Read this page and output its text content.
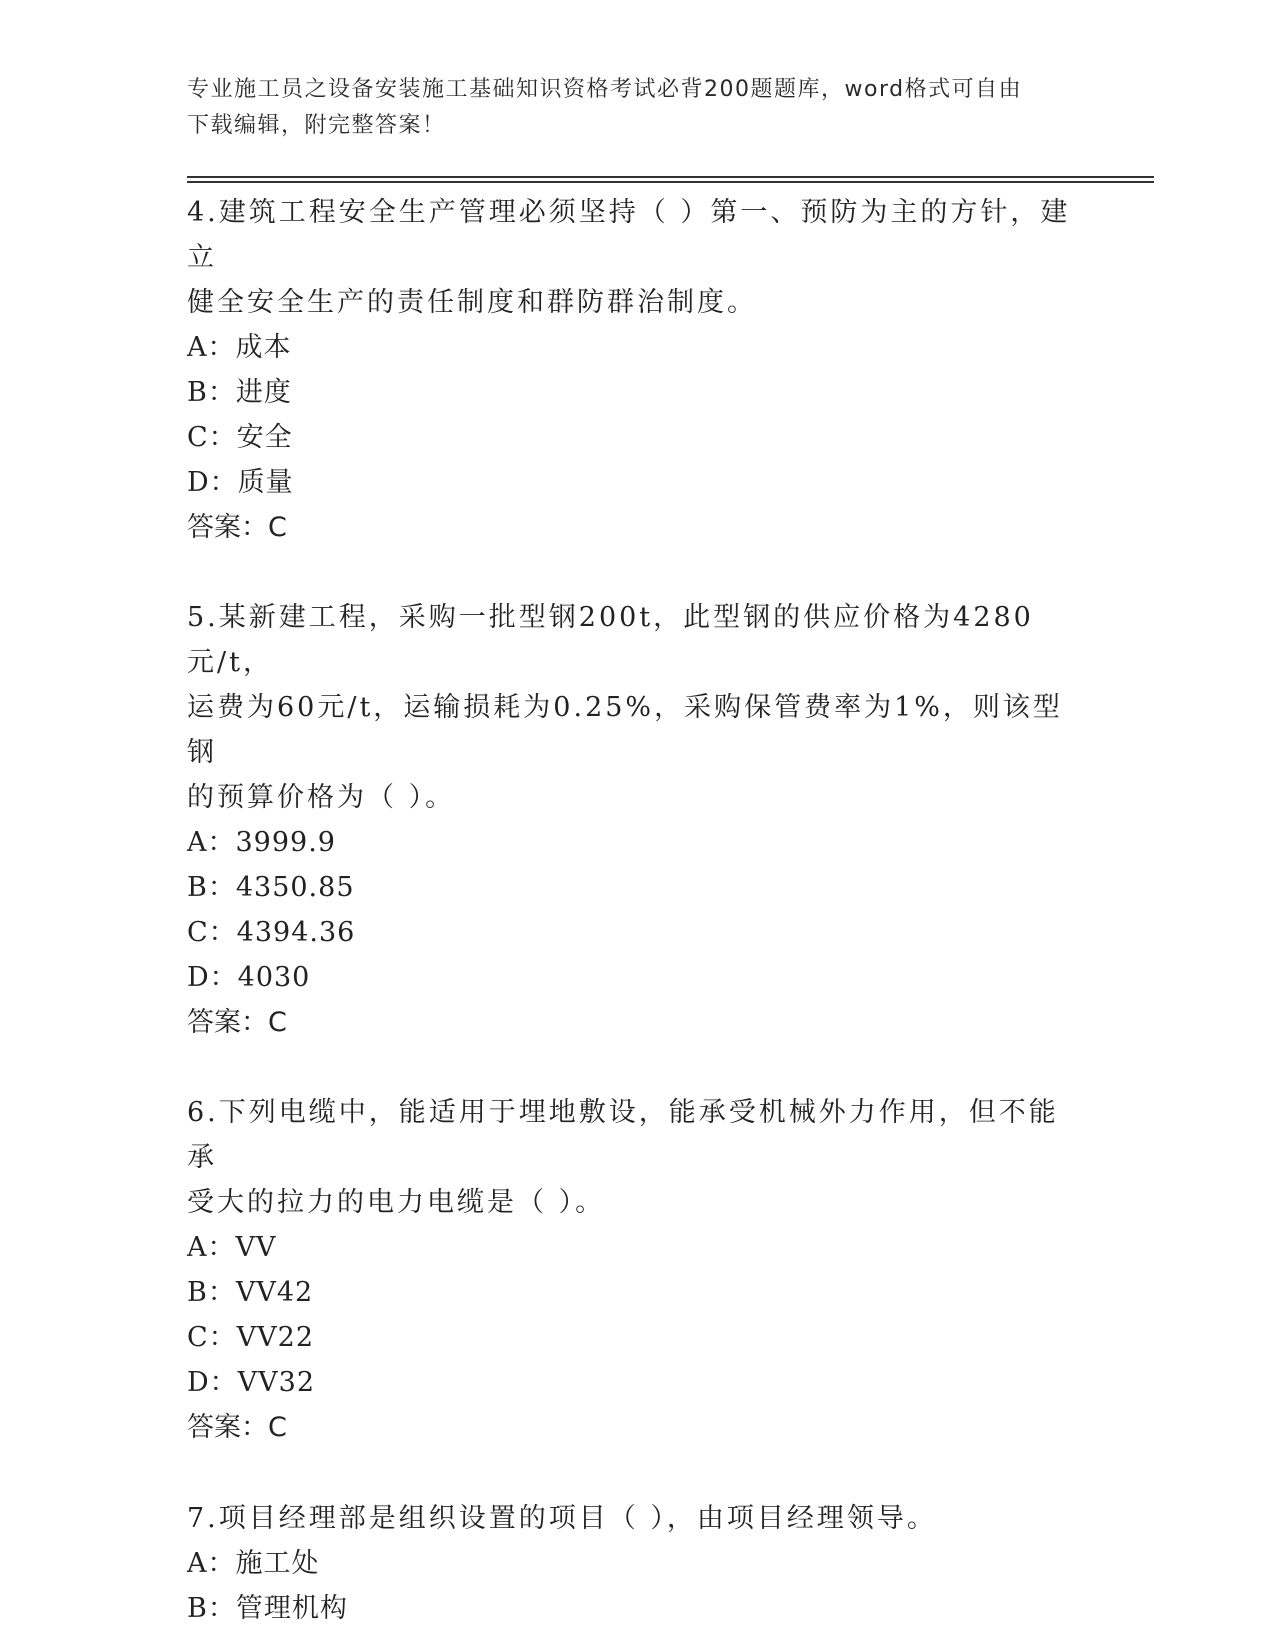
专业施工员之设备安装施工基础知识资格考试必背200题题库，word格式可自由
下载编辑，附完整答案！
4.建筑工程安全生产管理必须坚持（ ）第一、预防为主的方针，建立
健全安全生产的责任制度和群防群治制度。
A：成本
B：进度
C：安全
D：质量
答案：C
5.某新建工程，采购一批型钢200t，此型钢的供应价格为4280元/t，
运费为60元/t，运输损耗为0.25%，采购保管费率为1%，则该型钢
的预算价格为（ ）。
A：3999.9
B：4350.85
C：4394.36
D：4030
答案：C
6.下列电缆中，能适用于埋地敷设，能承受机械外力作用，但不能承
受大的拉力的电力电缆是（ ）。
A：VV
B：VV42
C：VV22
D：VV32
答案：C
7.项目经理部是组织设置的项目（ ），由项目经理领导。
A：施工处
B：管理机构
